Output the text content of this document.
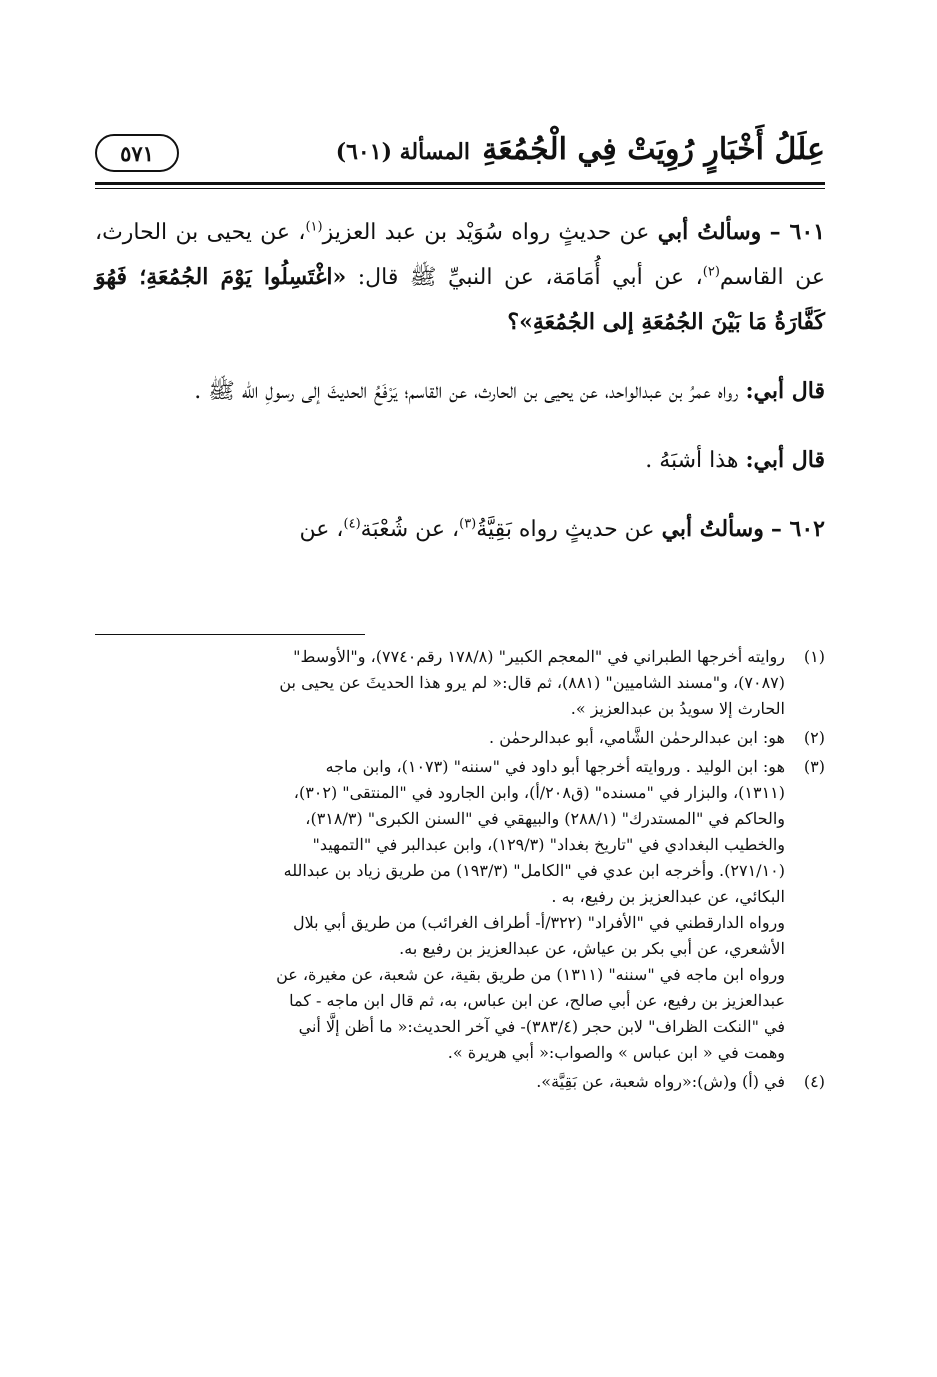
عِلَلُ أَخْبَارٍ رُوِيَتْ فِي الْجُمُعَةِ
المسألة (٦٠١)
٥٧١

٦٠١ – وسألتُ أبي عن حديثٍ رواه سُوَيْد بن عبد العزيز$^{(١)}$، عن يحيى بن الحارث، عن القاسم$^{(٢)}$، عن أبي أُمَامَة، عن النبيِّ ﷺ قال: «اغْتَسِلُوا يَوْمَ الجُمُعَةِ؛ فَهُوَ كَفَّارَةُ مَا بَيْنَ الجُمُعَةِ إلى الجُمُعَةِ»؟

قال أبي: رواه عمرُ بن عبدالواحد، عن يحيى بن الحارث، عن القاسم؛ يَرْفَعُ الحديثَ إلى رسولِ الله ﷺ .

قال أبي: هذا أشبَهُ .

٦٠٢ – وسألتُ أبي عن حديثٍ رواه بَقِيَّةُ$^{(٣)}$، عن شُعْبَة$^{(٤)}$، عن

(١)
روايته أخرجها الطبراني في "المعجم الكبير" (١٧٨/٨ رقم٧٧٤٠)، و"الأوسط"
(٧٠٨٧)، و"مسند الشاميين" (٨٨١)، ثم قال:« لم يرو هذا الحديثَ عن يحيى بن
الحارث إلا سويدُ بن عبدالعزيز ».
(٢)
هو: ابن عبدالرحمٰن الشَّامي، أبو عبدالرحمٰن .
(٣)
هو: ابن الوليد . وروايته أخرجها أبو داود في "سننه" (١٠٧٣)، وابن ماجه
(١٣١١)، والبزار في "مسنده" (ق٢٠٨/أ)، وابن الجارود في "المنتقى" (٣٠٢)،
والحاكم في "المستدرك" (٢٨٨/١) والبيهقي في "السنن الكبرى" (٣١٨/٣)،
والخطيب البغدادي في "تاريخ بغداد" (١٢٩/٣)، وابن عبدالبر في "التمهيد"
(٢٧١/١٠). وأخرجه ابن عدي في "الكامل" (١٩٣/٣) من طريق زياد بن عبدالله
البكائي، عن عبدالعزيز بن رفيع، به .
ورواه الدارقطني في "الأفراد" (٣٢٢/أ- أطراف الغرائب) من طريق أبي بلال
الأشعري، عن أبي بكر بن عياش، عن عبدالعزيز بن رفيع به.
ورواه ابن ماجه في "سننه" (١٣١١) من طريق بقية، عن شعبة، عن مغيرة، عن
عبدالعزيز بن رفيع، عن أبي صالح، عن ابن عباس، به، ثم قال ابن ماجه - كما
في "النكت الظراف" لابن حجر (٣٨٣/٤)- في آخر الحديث:« ما أظن إلَّا أني
وهمت في « ابن عباس » والصواب:« أبي هريرة ».
(٤)
في (أ) و(ش):«رواه شعبة، عن بَقِيَّة».
